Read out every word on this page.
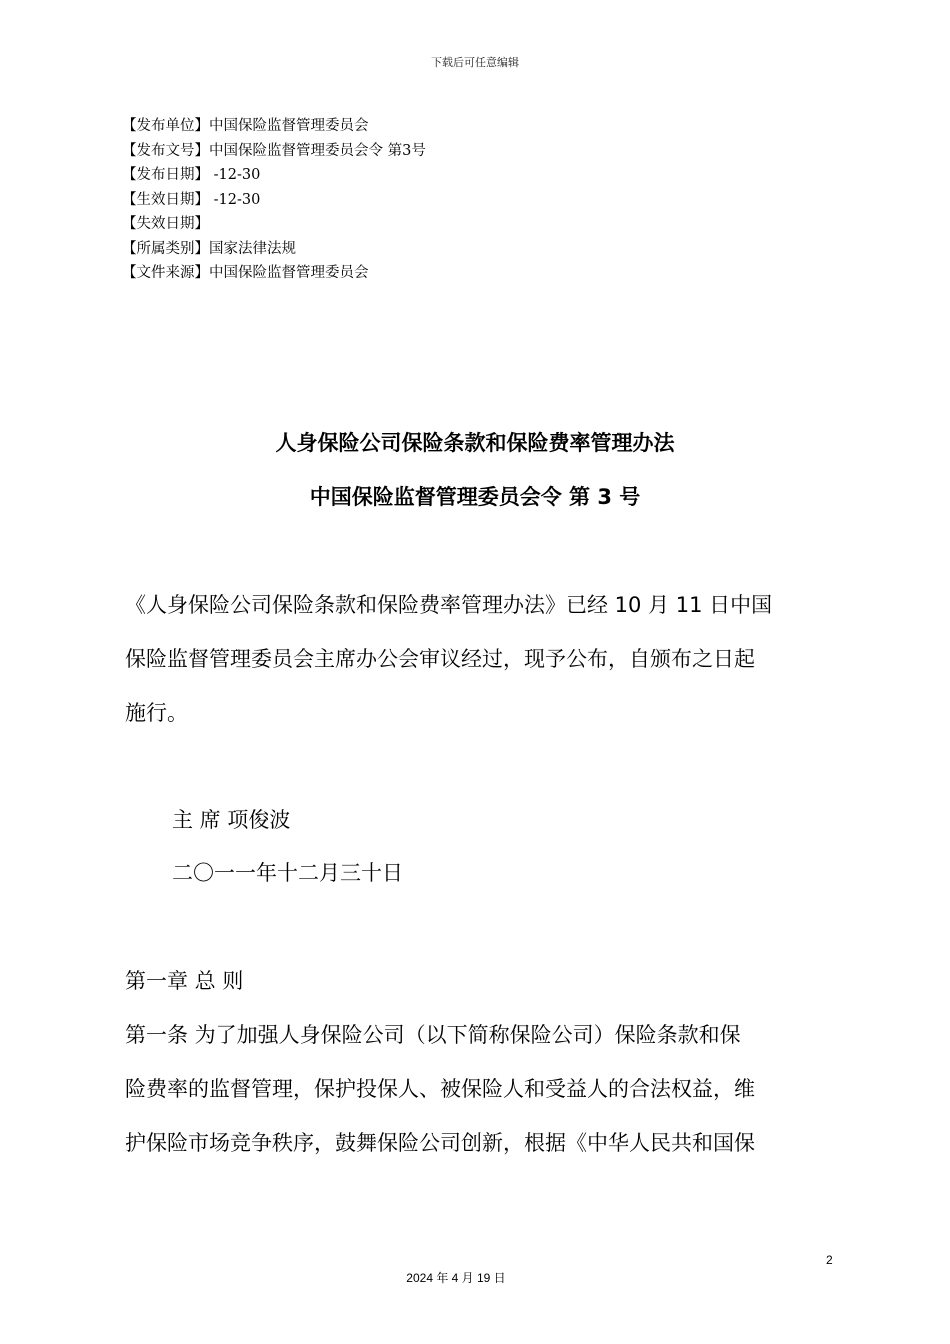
下载后可任意编辑
【发布单位】中国保险监督管理委员会
【发布文号】中国保险监督管理委员会令 第3号
【发布日期】 -12-30
【生效日期】 -12-30
【失效日期】
【所属类别】国家法律法规
【文件来源】中国保险监督管理委员会
人身保险公司保险条款和保险费率管理办法
中国保险监督管理委员会令 第 3 号
《人身保险公司保险条款和保险费率管理办法》已经 10 月 11 日中国
保险监督管理委员会主席办公会审议经过，现予公布，自颁布之日起
施行。
主 席 项俊波
二〇一一年十二月三十日
第一章 总 则
第一条 为了加强人身保险公司（以下简称保险公司）保险条款和保
险费率的监督管理，保护投保人、被保险人和受益人的合法权益，维
护保险市场竞争秩序，鼓舞保险公司创新，根据《中华人民共和国保
2
2024 年 4 月 19 日
